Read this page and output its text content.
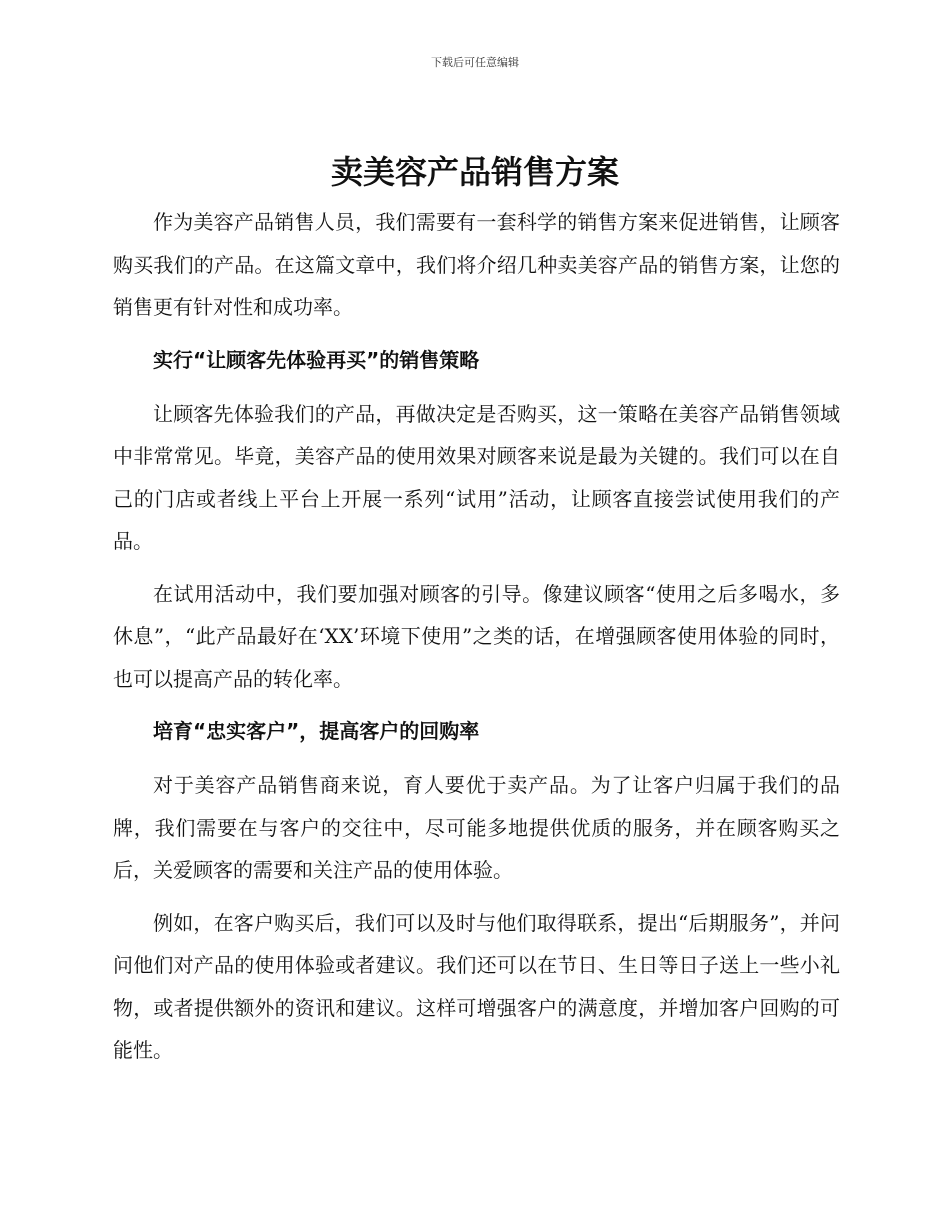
下载后可任意编辑
卖美容产品销售方案

作为美容产品销售人员，我们需要有一套科学的销售方案来促进销售，让顾客购买我们的产品。在这篇文章中，我们将介绍几种卖美容产品的销售方案，让您的销售更有针对性和成功率。

实行“让顾客先体验再买”的销售策略

让顾客先体验我们的产品，再做决定是否购买，这一策略在美容产品销售领域中非常常见。毕竟，美容产品的使用效果对顾客来说是最为关键的。我们可以在自己的门店或者线上平台上开展一系列“试用”活动，让顾客直接尝试使用我们的产品。

在试用活动中，我们要加强对顾客的引导。像建议顾客“使用之后多喝水，多休息”，“此产品最好在‘XX’环境下使用”之类的话，在增强顾客使用体验的同时，也可以提高产品的转化率。

培育“忠实客户”，提高客户的回购率

对于美容产品销售商来说，育人要优于卖产品。为了让客户归属于我们的品牌，我们需要在与客户的交往中，尽可能多地提供优质的服务，并在顾客购买之后，关爱顾客的需要和关注产品的使用体验。

例如，在客户购买后，我们可以及时与他们取得联系，提出“后期服务”，并问问他们对产品的使用体验或者建议。我们还可以在节日、生日等日子送上一些小礼物，或者提供额外的资讯和建议。这样可增强客户的满意度，并增加客户回购的可能性。
